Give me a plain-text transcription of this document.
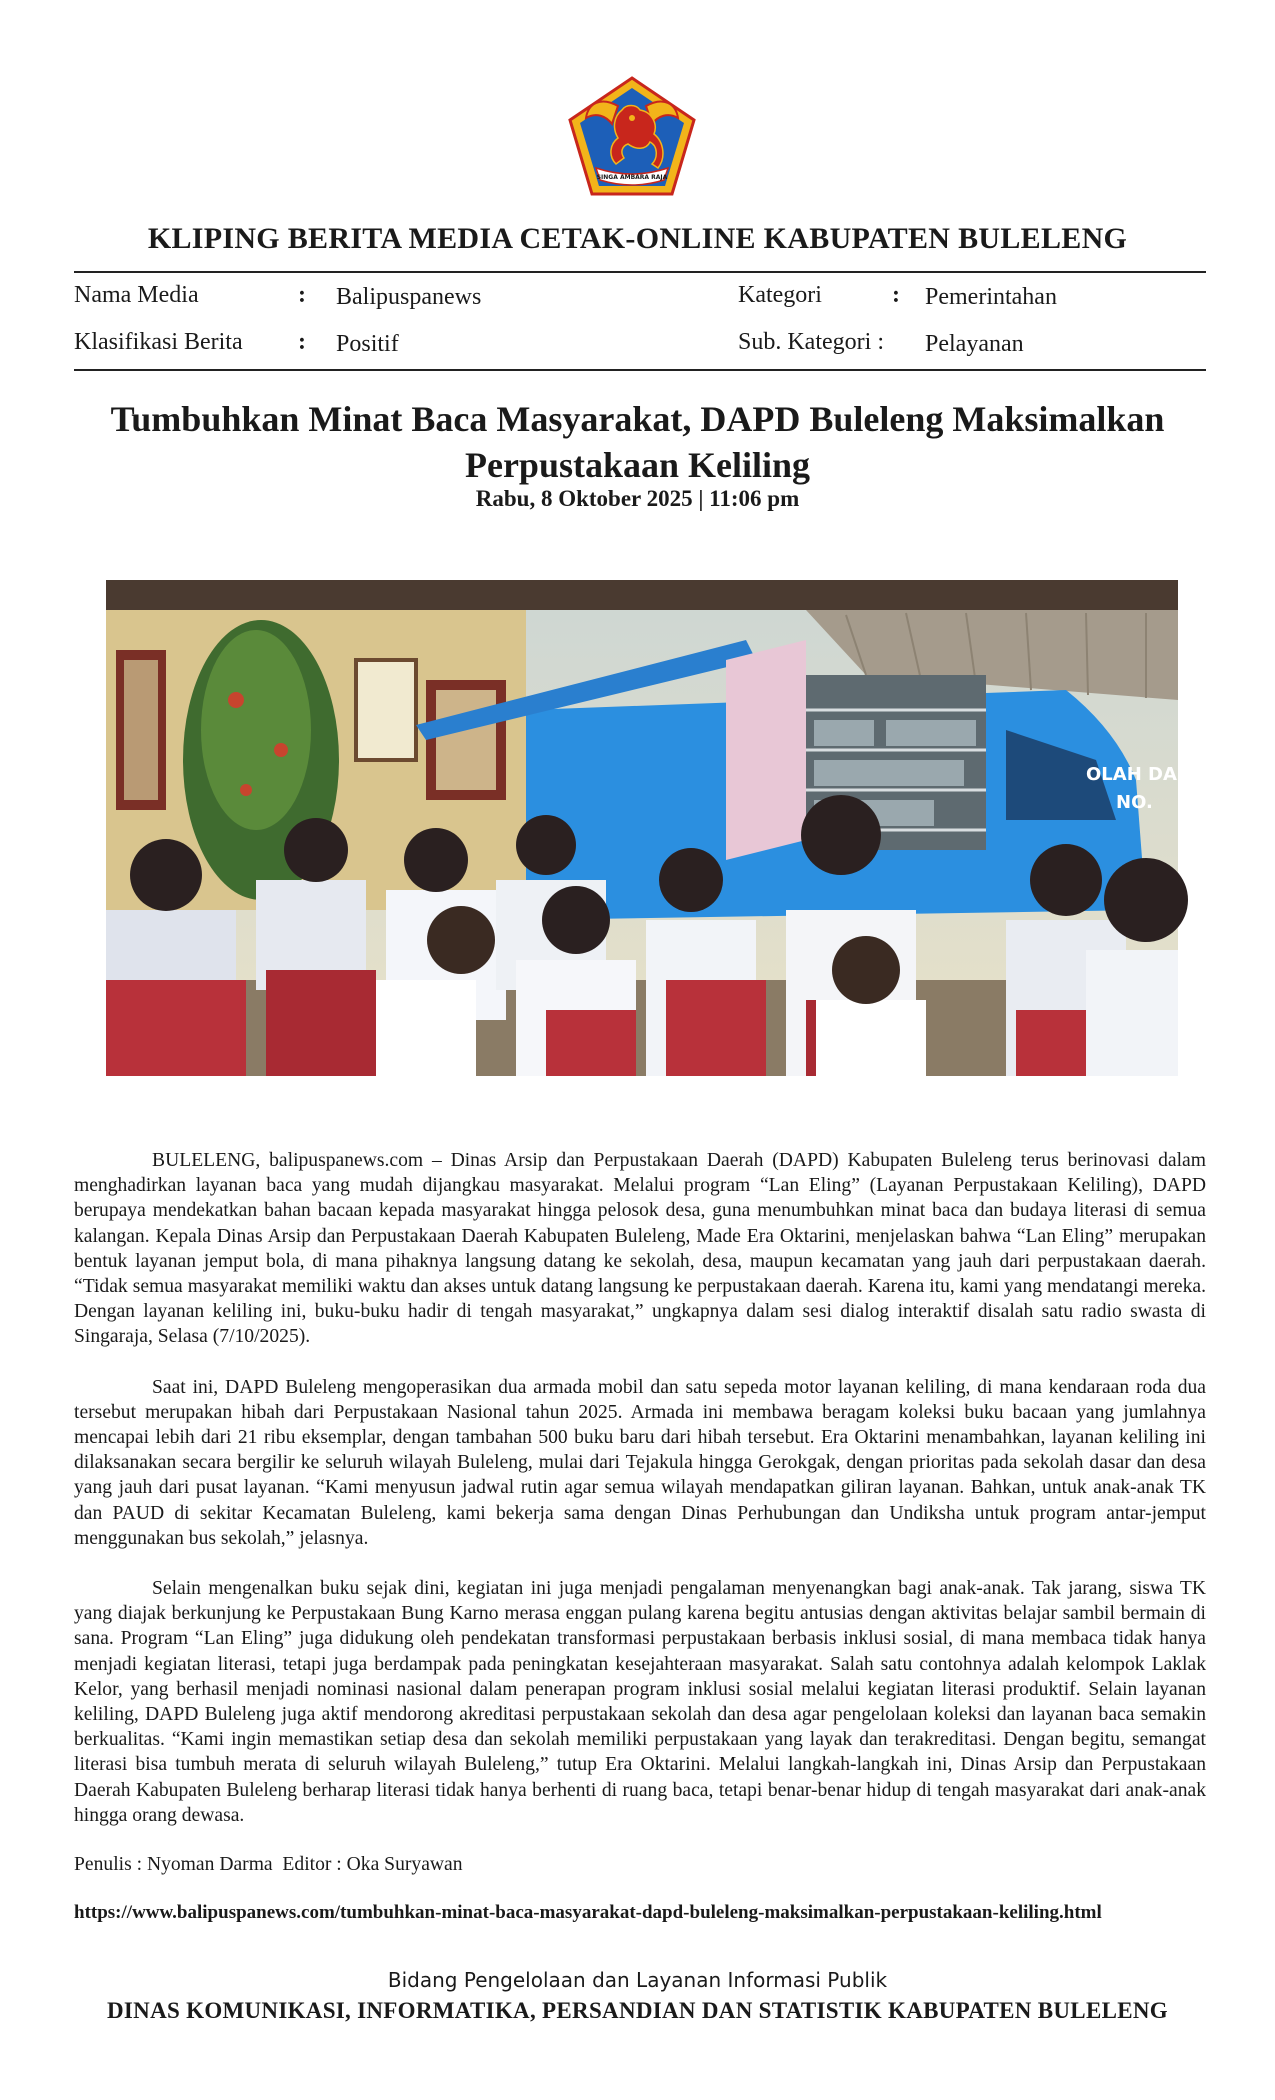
SINGA AMBARA RAJA
KLIPING BERITA MEDIA CETAK-ONLINE KABUPATEN BULELENG
Nama Media	: Balipuspanews
Klasifikasi Berita : Positif
Kategori	: Pemerintahan
Sub. Kategori : Pelayanan
Tumbuhkan Minat Baca Masyarakat, DAPD Buleleng Maksimalkan
Perpustakaan Keliling
Rabu, 8 Oktober 2025 | 11:06 pm
OLAH DASA
NO.

BULELENG, balipuspanews.com – Dinas Arsip dan Perpustakaan Daerah (DAPD) Kabupaten Buleleng terus berinovasi dalam menghadirkan layanan baca yang mudah dijangkau masyarakat. Melalui program “Lan Eling” (Layanan Perpustakaan Keliling), DAPD berupaya mendekatkan bahan bacaan kepada masyarakat hingga pelosok desa, guna menumbuhkan minat baca dan budaya literasi di semua kalangan. Kepala Dinas Arsip dan Perpustakaan Daerah Kabupaten Buleleng, Made Era Oktarini, menjelaskan bahwa “Lan Eling” merupakan bentuk layanan jemput bola, di mana pihaknya langsung datang ke sekolah, desa, maupun kecamatan yang jauh dari perpustakaan daerah. “Tidak semua masyarakat memiliki waktu dan akses untuk datang langsung ke perpustakaan daerah. Karena itu, kami yang mendatangi mereka. Dengan layanan keliling ini, buku-buku hadir di tengah masyarakat,” ungkapnya dalam sesi dialog interaktif disalah satu radio swasta di Singaraja, Selasa (7/10/2025).

Saat ini, DAPD Buleleng mengoperasikan dua armada mobil dan satu sepeda motor layanan keliling, di mana kendaraan roda dua tersebut merupakan hibah dari Perpustakaan Nasional tahun 2025. Armada ini membawa beragam koleksi buku bacaan yang jumlahnya mencapai lebih dari 21 ribu eksemplar, dengan tambahan 500 buku baru dari hibah tersebut. Era Oktarini menambahkan, layanan keliling ini dilaksanakan secara bergilir ke seluruh wilayah Buleleng, mulai dari Tejakula hingga Gerokgak, dengan prioritas pada sekolah dasar dan desa yang jauh dari pusat layanan. “Kami menyusun jadwal rutin agar semua wilayah mendapatkan giliran layanan. Bahkan, untuk anak-anak TK dan PAUD di sekitar Kecamatan Buleleng, kami bekerja sama dengan Dinas Perhubungan dan Undiksha untuk program antar-jemput menggunakan bus sekolah,” jelasnya.

Selain mengenalkan buku sejak dini, kegiatan ini juga menjadi pengalaman menyenangkan bagi anak-anak. Tak jarang, siswa TK yang diajak berkunjung ke Perpustakaan Bung Karno merasa enggan pulang karena begitu antusias dengan aktivitas belajar sambil bermain di sana. Program “Lan Eling” juga didukung oleh pendekatan transformasi perpustakaan berbasis inklusi sosial, di mana membaca tidak hanya menjadi kegiatan literasi, tetapi juga berdampak pada peningkatan kesejahteraan masyarakat. Salah satu contohnya adalah kelompok Laklak Kelor, yang berhasil menjadi nominasi nasional dalam penerapan program inklusi sosial melalui kegiatan literasi produktif. Selain layanan keliling, DAPD Buleleng juga aktif mendorong akreditasi perpustakaan sekolah dan desa agar pengelolaan koleksi dan layanan baca semakin berkualitas. “Kami ingin memastikan setiap desa dan sekolah memiliki perpustakaan yang layak dan terakreditasi. Dengan begitu, semangat literasi bisa tumbuh merata di seluruh wilayah Buleleng,” tutup Era Oktarini. Melalui langkah-langkah ini, Dinas Arsip dan Perpustakaan Daerah Kabupaten Buleleng berharap literasi tidak hanya berhenti di ruang baca, tetapi benar-benar hidup di tengah masyarakat dari anak-anak hingga orang dewasa.

Penulis : Nyoman Darma  Editor : Oka Suryawan
https://www.balipuspanews.com/tumbuhkan-minat-baca-masyarakat-dapd-buleleng-maksimalkan-perpustakaan-keliling.html
Bidang Pengelolaan dan Layanan Informasi Publik
DINAS KOMUNIKASI, INFORMATIKA, PERSANDIAN DAN STATISTIK KABUPATEN BULELENG
